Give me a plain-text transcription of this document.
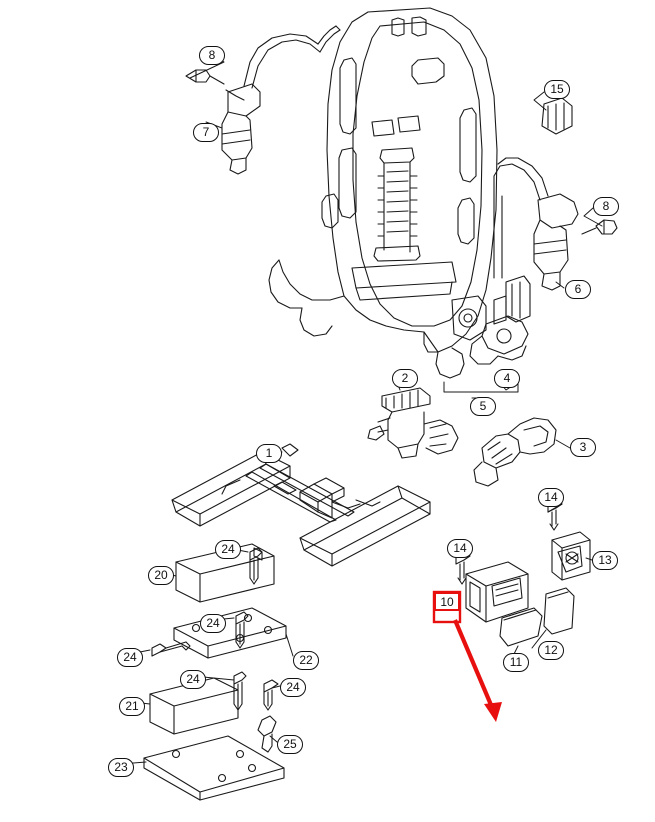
8
7
15
8
6
2	4
5
3
1
14
13
14
24
20
10
12
11
24
24	22
24
24
21
25
23
